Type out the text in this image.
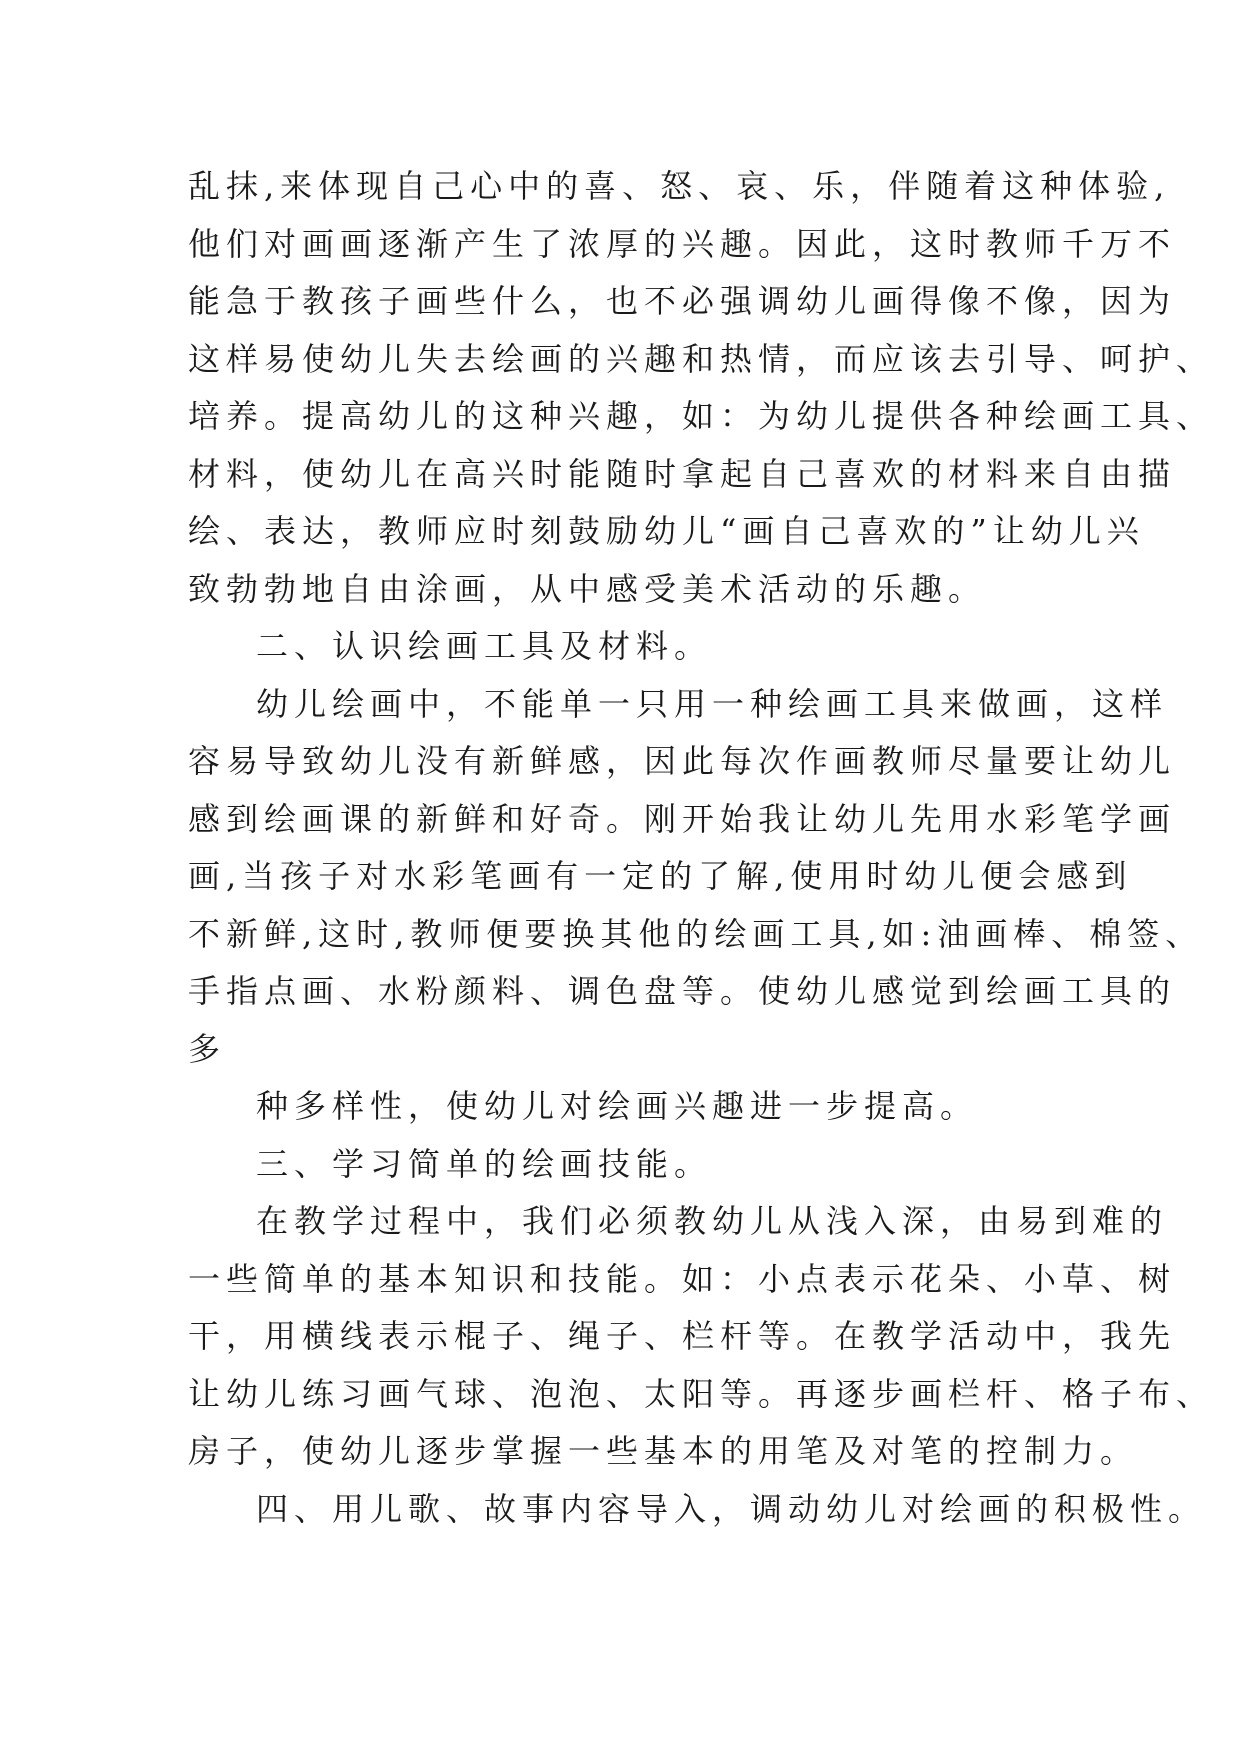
乱抹,来体现自己心中的喜、怒、哀、乐，伴随着这种体验,
他们对画画逐渐产生了浓厚的兴趣。因此，这时教师千万不
能急于教孩子画些什么，也不必强调幼儿画得像不像，因为
这样易使幼儿失去绘画的兴趣和热情，而应该去引导、呵护、
培养。提高幼儿的这种兴趣，如：为幼儿提供各种绘画工具、
材料，使幼儿在高兴时能随时拿起自己喜欢的材料来自由描
绘、表达，教师应时刻鼓励幼儿“画自己喜欢的”让幼儿兴
致勃勃地自由涂画，从中感受美术活动的乐趣。
二、认识绘画工具及材料。
幼儿绘画中，不能单一只用一种绘画工具来做画，这样
容易导致幼儿没有新鲜感，因此每次作画教师尽量要让幼儿
感到绘画课的新鲜和好奇。刚开始我让幼儿先用水彩笔学画
画,当孩子对水彩笔画有一定的了解,使用时幼儿便会感到
不新鲜,这时,教师便要换其他的绘画工具,如:油画棒、棉签、
手指点画、水粉颜料、调色盘等。使幼儿感觉到绘画工具的
多
种多样性，使幼儿对绘画兴趣进一步提高。
三、学习简单的绘画技能。
在教学过程中，我们必须教幼儿从浅入深，由易到难的
一些简单的基本知识和技能。如：小点表示花朵、小草、树
干，用横线表示棍子、绳子、栏杆等。在教学活动中，我先
让幼儿练习画气球、泡泡、太阳等。再逐步画栏杆、格子布、
房子，使幼儿逐步掌握一些基本的用笔及对笔的控制力。
四、用儿歌、故事内容导入，调动幼儿对绘画的积极性。
